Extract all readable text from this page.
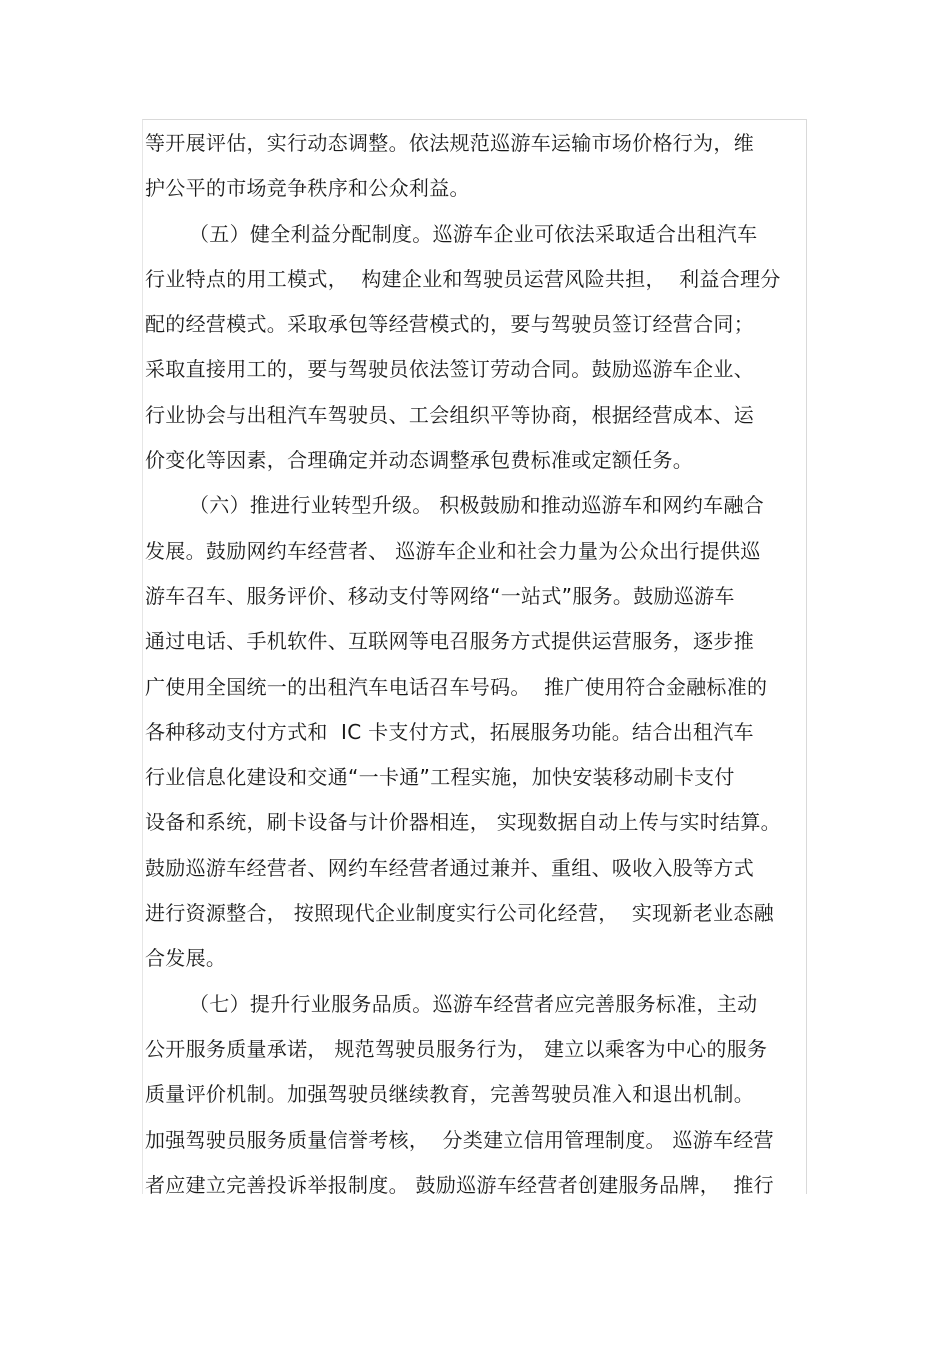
等开展评估，实行动态调整。依法规范巡游车运输市场价格行为，维
护公平的市场竞争秩序和公众利益。
（五）健全利益分配制度。巡游车企业可依法采取适合出租汽车
行业特点的用工模式，  构建企业和驾驶员运营风险共担，  利益合理分
配的经营模式。采取承包等经营模式的，要与驾驶员签订经营合同；
采取直接用工的，要与驾驶员依法签订劳动合同。鼓励巡游车企业、
行业协会与出租汽车驾驶员、工会组织平等协商，根据经营成本、运
价变化等因素，合理确定并动态调整承包费标准或定额任务。
（六）推进行业转型升级。 积极鼓励和推动巡游车和网约车融合
发展。鼓励网约车经营者、 巡游车企业和社会力量为公众出行提供巡
游车召车、服务评价、移动支付等网络“一站式”服务。鼓励巡游车
通过电话、手机软件、互联网等电召服务方式提供运营服务，逐步推
广使用全国统一的出租汽车电话召车号码。  推广使用符合金融标准的
各种移动支付方式和  IC 卡支付方式，拓展服务功能。结合出租汽车
行业信息化建设和交通“一卡通”工程实施，加快安装移动刷卡支付
设备和系统，刷卡设备与计价器相连， 实现数据自动上传与实时结算。
鼓励巡游车经营者、网约车经营者通过兼并、重组、吸收入股等方式
进行资源整合， 按照现代企业制度实行公司化经营，  实现新老业态融
合发展。
（七）提升行业服务品质。巡游车经营者应完善服务标准，主动
公开服务质量承诺， 规范驾驶员服务行为， 建立以乘客为中心的服务
质量评价机制。加强驾驶员继续教育，完善驾驶员准入和退出机制。
加强驾驶员服务质量信誉考核，  分类建立信用管理制度。 巡游车经营
者应建立完善投诉举报制度。 鼓励巡游车经营者创建服务品牌，  推行
